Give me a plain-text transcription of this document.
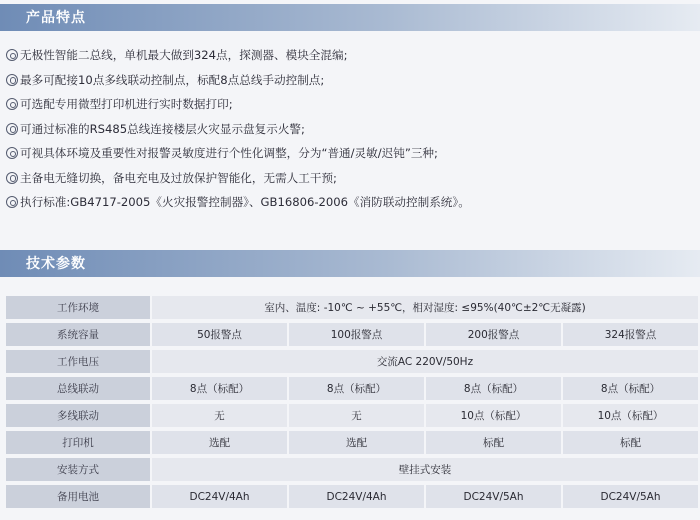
产品特点
无极性智能二总线，单机最大做到324点，探测器、模块全混编;
最多可配接10点多线联动控制点，标配8点总线手动控制点;
可选配专用微型打印机进行实时数据打印;
可通过标准的RS485总线连接楼层火灾显示盘复示火警;
可视具体环境及重要性对报警灵敏度进行个性化调整，分为“普通/灵敏/迟钝”三种;
主备电无缝切换，备电充电及过放保护智能化，无需人工干预;
执行标准:GB4717-2005《火灾报警控制器》、GB16806-2006《消防联动控制系统》。
技术参数
工作环境	室内、温度: -10℃ ~ +55℃，相对湿度: ≤95%(40℃±2℃无凝露)			
系统容量	50报警点	100报警点	200报警点	324报警点
工作电压	交流AC 220V/50Hz			
总线联动	8点（标配）	8点（标配）	8点（标配）	8点（标配）
多线联动	无	无	10点（标配）	10点（标配）
打印机	选配	选配	标配	标配
安装方式	壁挂式安装			
备用电池	DC24V/4Ah	DC24V/4Ah	DC24V/5Ah	DC24V/5Ah
